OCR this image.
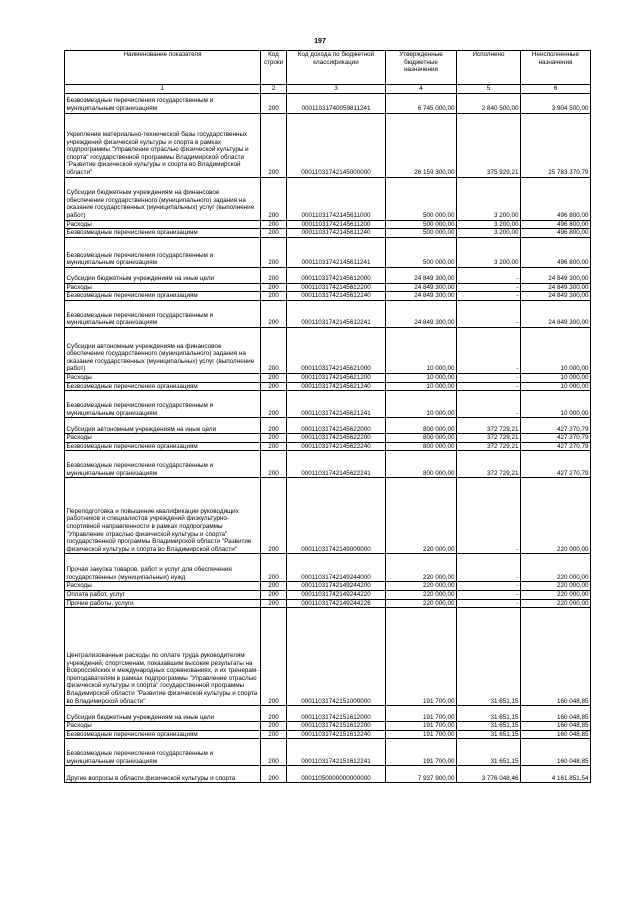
197
Наименование показателя	Код строки	Код дохода по бюджетной классификации	Утвержденные бюджетные назначения	Исполнено	Неисполненные назначения
1	2	3	4	5	6
Безвозмездные перечисления государственным и муниципальным организациям	200	00011031740059811241	6 745 000,00	2 840 500,00	3 904 500,00
Укрепление материально-технической базы государственных учреждений физической культуры и спорта в рамках подпрограммы "Управление отраслью физической культуры и спорта" государственной программы Владимирской области "Развитие физической культуры и спорта во Владимирской области"	200	00011031742145000000	26 159 300,00	375 929,21	25 783 370,79
Субсидии бюджетным учреждениям на финансовое обеспечение государственного (муниципального) задания на оказание государственных (муниципальных) услуг (выполнение работ)	200	00011031742145611000	500 000,00	3 200,00	496 800,00
Расходы	200	00011031742145611200	500 000,00	3 200,00	496 800,00
Безвозмездные перечисления организациям	200	00011031742145611240	500 000,00	3 200,00	496 800,00
Безвозмездные перечисления государственным и муниципальным организациям	200	00011031742145611241	500 000,00	3 200,00	496 800,00
Субсидии бюджетным учреждениям на иные цели	200	00011031742145612000	24 849 300,00	-	24 849 300,00
Расходы	200	00011031742145612200	24 849 300,00	-	24 849 300,00
Безвозмездные перечисления организациям	200	00011031742145612240	24 849 300,00	-	24 849 300,00
Безвозмездные перечисления государственным и муниципальным организациям	200	00011031742145612241	24 849 300,00	-	24 849 300,00
Субсидии автономным учреждениям на финансовое обеспечение государственного (муниципального) задания на оказание государственных (муниципальных) услуг (выполнение работ)	200	00011031742145621000	10 000,00	-	10 000,00
Расходы	200	00011031742145621200	10 000,00	-	10 000,00
Безвозмездные перечисления организациям	200	00011031742145621240	10 000,00	-	10 000,00
Безвозмездные перечисления государственным и муниципальным организациям	200	00011031742145621241	10 000,00	-	10 000,00
Субсидии автономным учреждениям на иные цели	200	00011031742145622000	800 000,00	372 729,21	427 270,79
Расходы	200	00011031742145622200	800 000,00	372 729,21	427 270,79
Безвозмездные перечисления организациям	200	00011031742145622240	800 000,00	372 729,21	427 270,79
Безвозмездные перечисления государственным и муниципальным организациям	200	00011031742145622241	800 000,00	372 729,21	427 270,79
Переподготовка и повышение квалификации руководящих работников и специалистов учреждений физкультурно-спортивной направленности в рамках подпрограммы "Управление отраслью физической культуры и спорта" государственной программы Владимирской области "Развитие физической культуры и спорта во Владимирской области"	200	00011031742149000000	220 000,00	-	220 000,00
Прочая закупка товаров, работ и услуг для обеспечения государственных (муниципальных) нужд	200	00011031742149244000	220 000,00	-	220 000,00
Расходы	200	00011031742149244200	220 000,00	-	220 000,00
Оплата работ, услуг	200	00011031742149244220	220 000,00	-	220 000,00
Прочие работы, услуги	200	00011031742149244226	220 000,00	-	220 000,00
Централизованные расходы по оплате труда руководителям учреждений, спортсменам, показавшим высокие результаты на Всероссийских и международных соревнованиях, и их тренерам-преподавателям в рамках подпрограммы "Управление отраслью физической культуры и спорта" государственной программы Владимирской области "Развитие физической культуры и спорта во Владимирской области"	200	00011031742151000000	191 700,00	31 651,15	160 048,85
Субсидии бюджетным учреждениям на иные цели	200	00011031742151612000	191 700,00	31 651,15	160 048,85
Расходы	200	00011031742151612200	191 700,00	31 651,15	160 048,85
Безвозмездные перечисления организациям	200	00011031742151612240	191 700,00	31 651,15	160 048,85
Безвозмездные перечисления государственным и муниципальным организациям	200	00011031742151612241	191 700,00	31 651,15	160 048,85
Другие вопросы в области физической культуры и спорта	200	00011050000000000000	7 937 900,00	3 776 048,46	4 161 851,54
